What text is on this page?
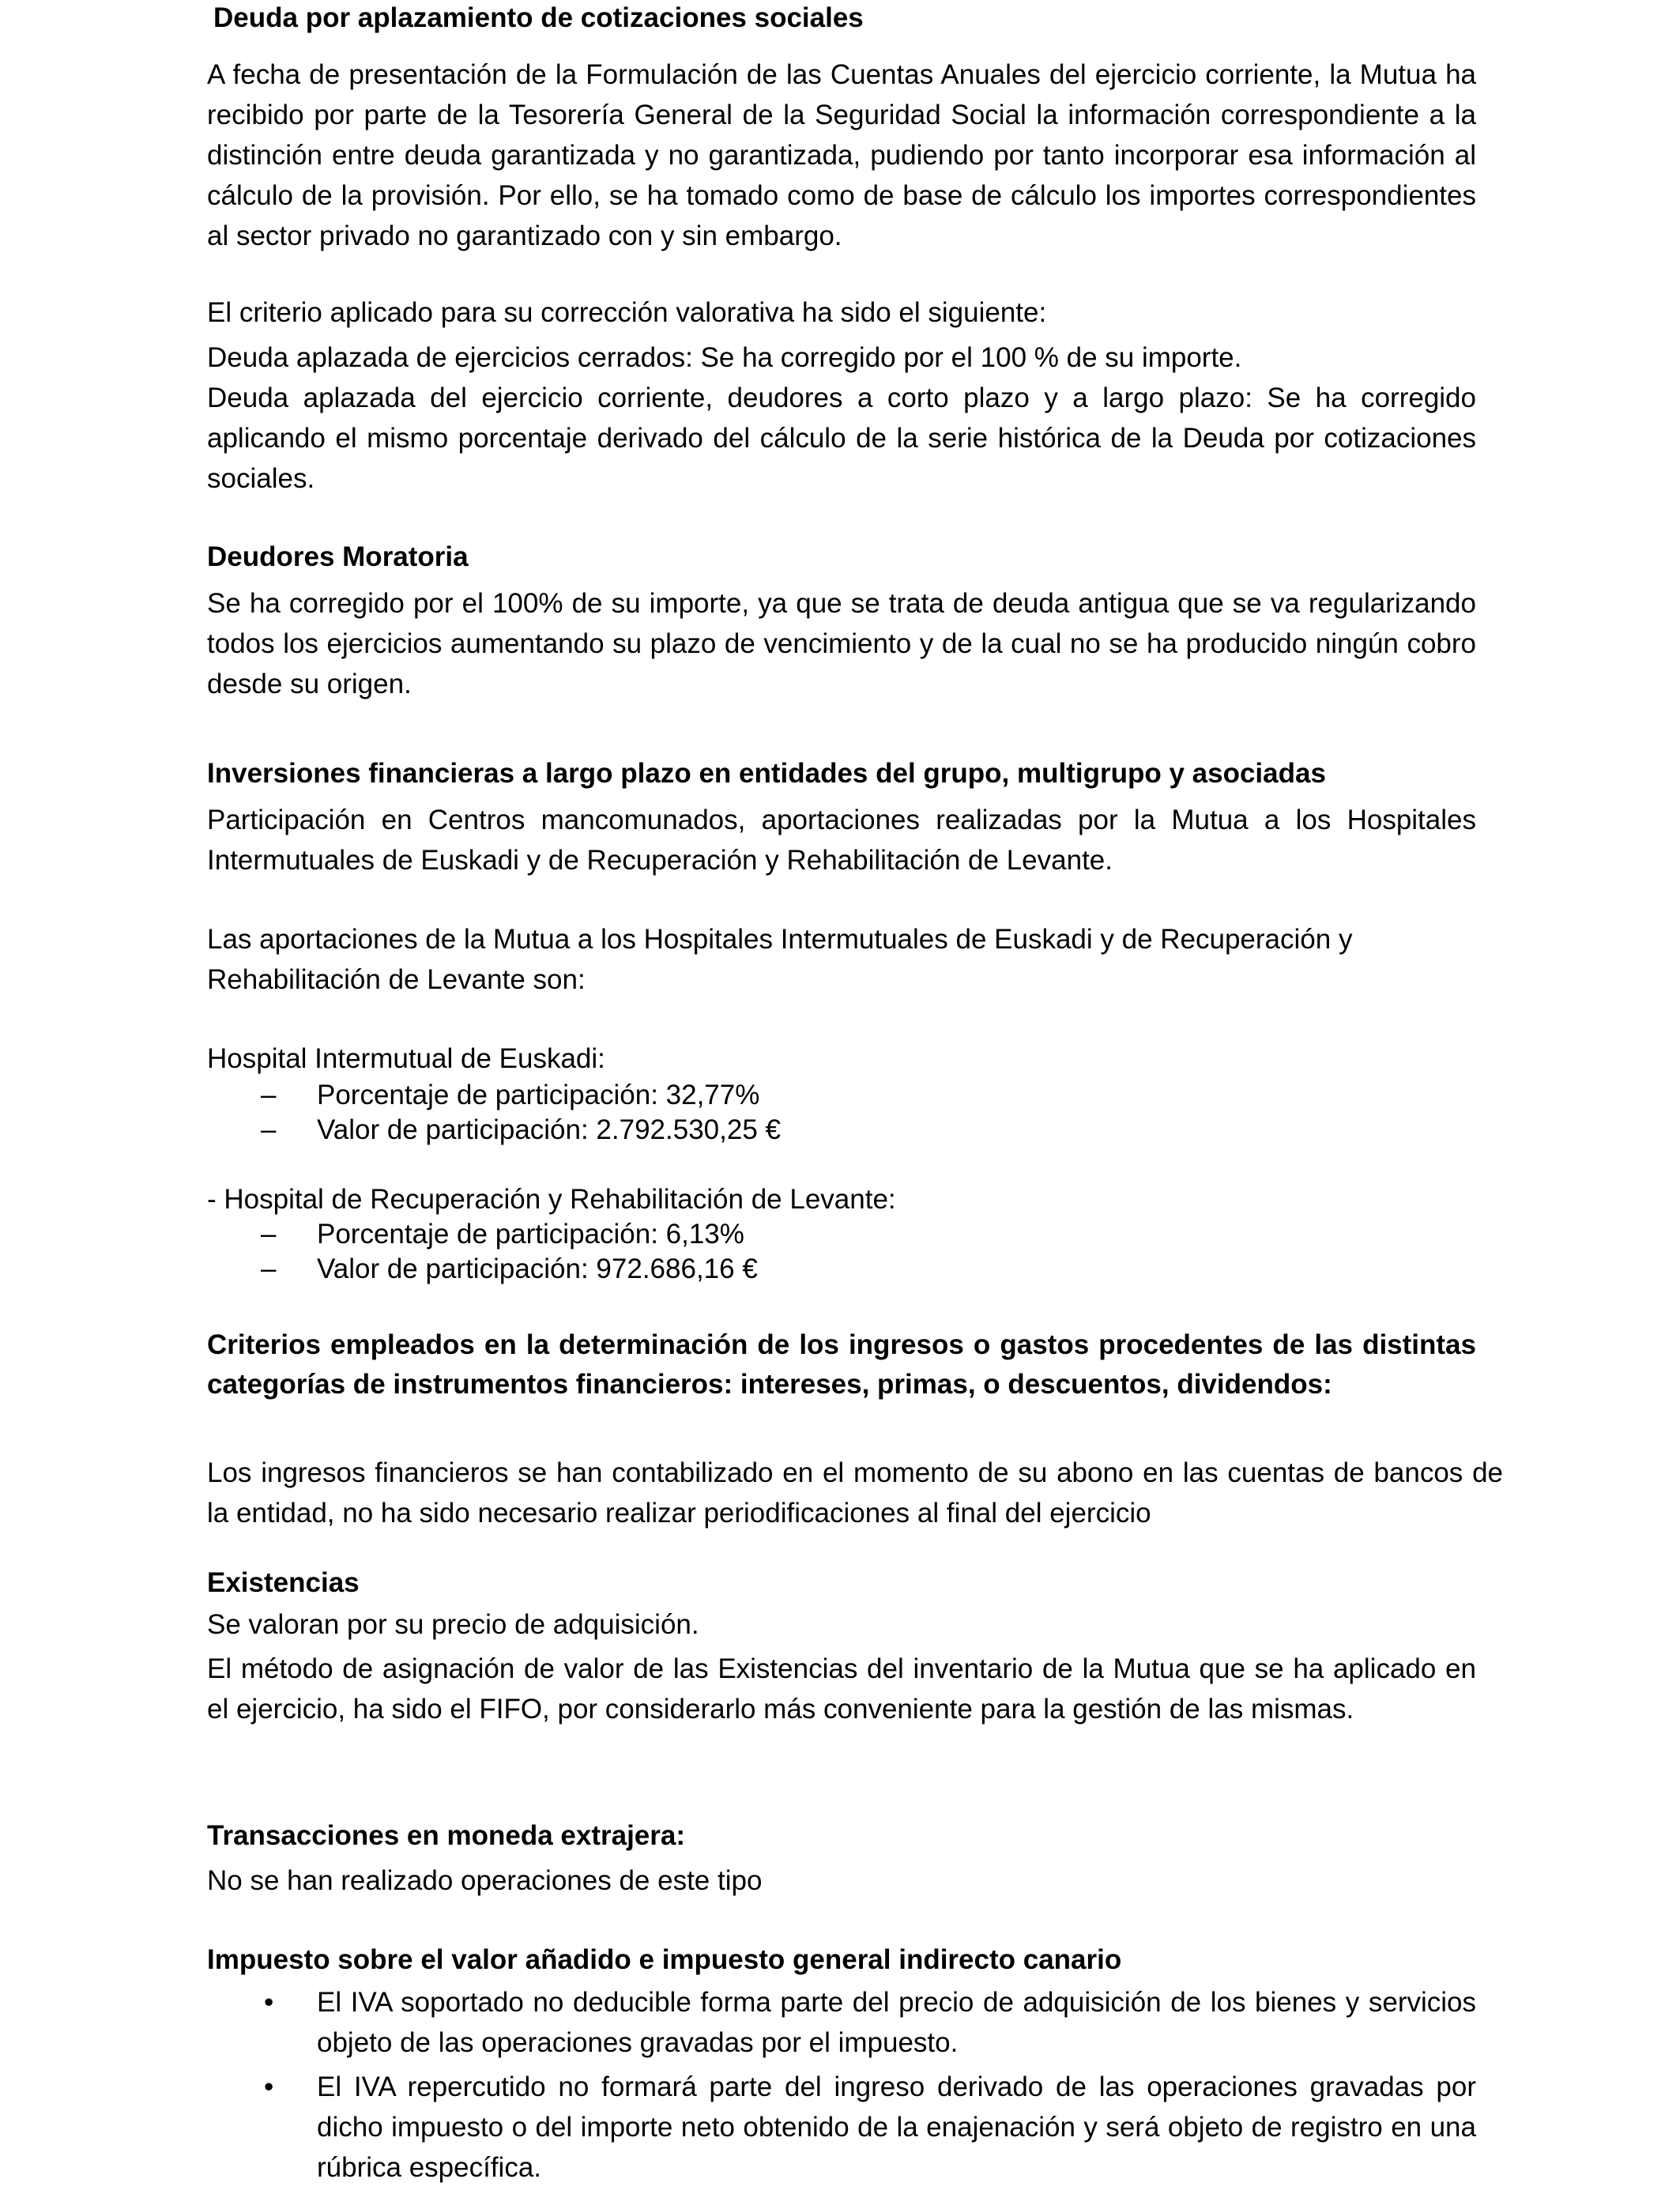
Deuda por aplazamiento de cotizaciones sociales

A fecha de presentación de la Formulación de las Cuentas Anuales del ejercicio corriente, la Mutua ha recibido por parte de la Tesorería General de la Seguridad Social la información correspondiente a la distinción entre deuda garantizada y no garantizada, pudiendo por tanto incorporar esa información al cálculo de la provisión. Por ello, se ha tomado como de base de cálculo los importes correspondientes al sector privado no garantizado con y sin embargo.

El criterio aplicado para su corrección valorativa ha sido el siguiente:

Deuda aplazada de ejercicios cerrados: Se ha corregido por el 100 % de su importe.

Deuda aplazada del ejercicio corriente, deudores a corto plazo y a largo plazo: Se ha corregido aplicando el mismo porcentaje derivado del cálculo de la serie histórica de la Deuda por cotizaciones sociales.

Deudores Moratoria

Se ha corregido por el 100% de su importe, ya que se trata de deuda antigua que se va regularizando todos los ejercicios aumentando su plazo de vencimiento y de la cual no se ha producido ningún cobro desde su origen.

Inversiones financieras a largo plazo en entidades del grupo, multigrupo y asociadas

Participación en Centros mancomunados, aportaciones realizadas por la Mutua a los Hospitales Intermutuales de Euskadi y de Recuperación y Rehabilitación de Levante.

Las aportaciones de la Mutua a los Hospitales Intermutuales de Euskadi y de Recuperación y Rehabilitación de Levante son:

Hospital Intermutual de Euskadi:

– Porcentaje de participación: 32,77%
– Valor de participación: 2.792.530,25 €

- Hospital de Recuperación y Rehabilitación de Levante:

– Porcentaje de participación: 6,13%
– Valor de participación: 972.686,16 €

Criterios empleados en la determinación de los ingresos o gastos procedentes de las distintas categorías de instrumentos financieros: intereses, primas, o descuentos, dividendos:

Los ingresos financieros se han contabilizado en el momento de su abono en las cuentas de bancos de la entidad, no ha sido necesario realizar periodificaciones al final del ejercicio

Existencias

Se valoran por su precio de adquisición.

El método de asignación de valor de las Existencias del inventario de la Mutua que se ha aplicado en el ejercicio, ha sido el FIFO, por considerarlo más conveniente para la gestión de las mismas.

Transacciones en moneda extrajera:

No se han realizado operaciones de este tipo

Impuesto sobre el valor añadido e impuesto general indirecto canario

• El IVA soportado no deducible forma parte del precio de adquisición de los bienes y servicios objeto de las operaciones gravadas por el impuesto.
• El IVA repercutido no formará parte del ingreso derivado de las operaciones gravadas por dicho impuesto o del importe neto obtenido de la enajenación y será objeto de registro en una rúbrica específica.
